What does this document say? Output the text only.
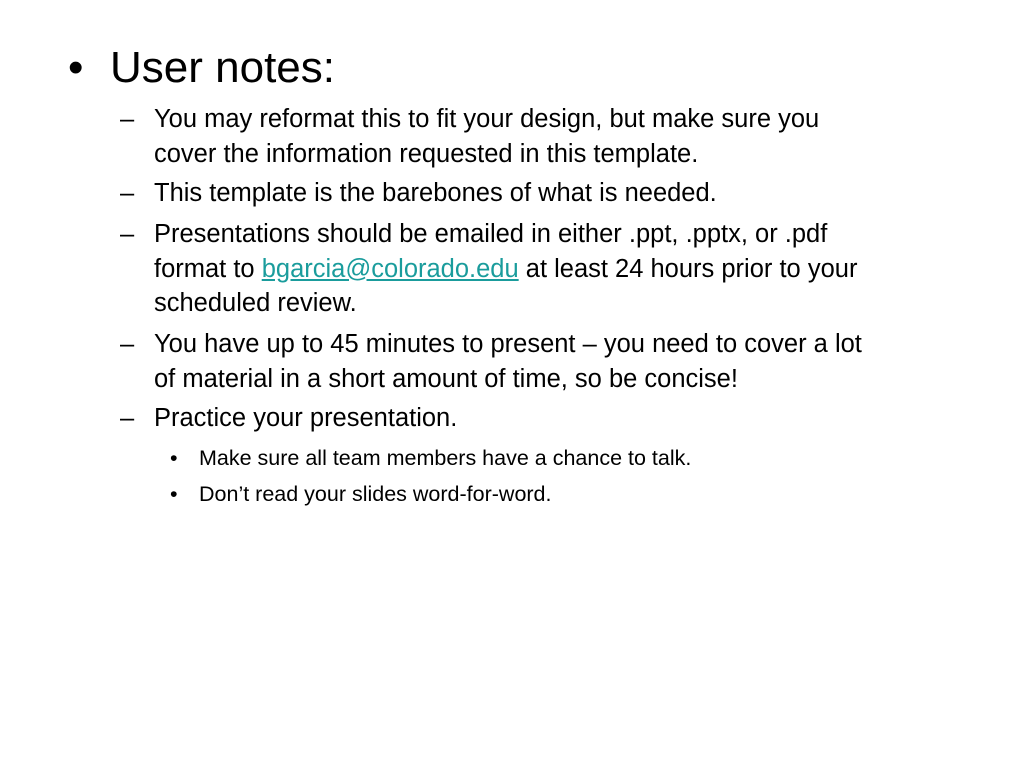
• User notes:
– You may reformat this to fit your design, but make sure you
cover the information requested in this template.
– This template is the barebones of what is needed.
– Presentations should be emailed in either .ppt, .pptx, or .pdf
format to bgarcia@colorado.edu at least 24 hours prior to your
scheduled review.
– You have up to 45 minutes to present – you need to cover a lot
of material in a short amount of time, so be concise!
– Practice your presentation.
• Make sure all team members have a chance to talk.
• Don’t read your slides word-for-word.
